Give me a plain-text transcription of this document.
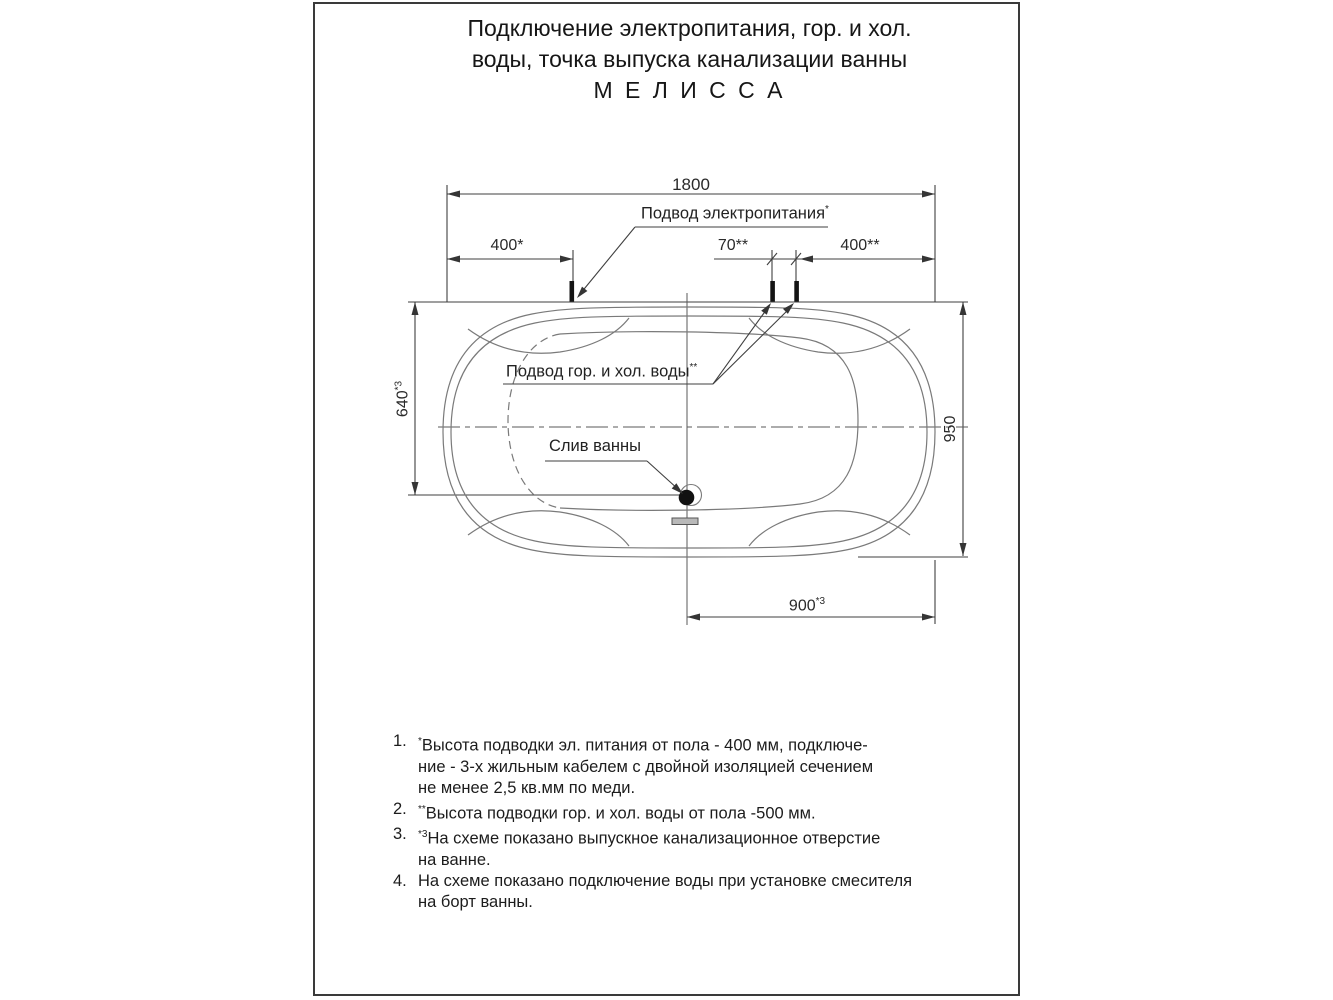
Подключение электропитания, гор. и хол.
воды, точка выпуска канализации ванны
М Е Л И С С А
1800
400*	70**	400**
640$^{*3}$
950
900$^{*3}$
Подвод электропитания*
Подвод гор. и хол. воды**
Слив ванны
1.	*Высота подводки эл. питания от пола - 400 мм, подключе-
ние - 3-х жильным кабелем с двойной изоляцией сечением
не менее 2,5 кв.мм по меди.
2.	**Высота подводки гор. и хол. воды от пола -500 мм.
3.	$^{*3}$На схеме показано выпускное канализационное отверстие
на ванне.
4. На схеме показано подключение воды при установке смесителя
на борт ванны.
